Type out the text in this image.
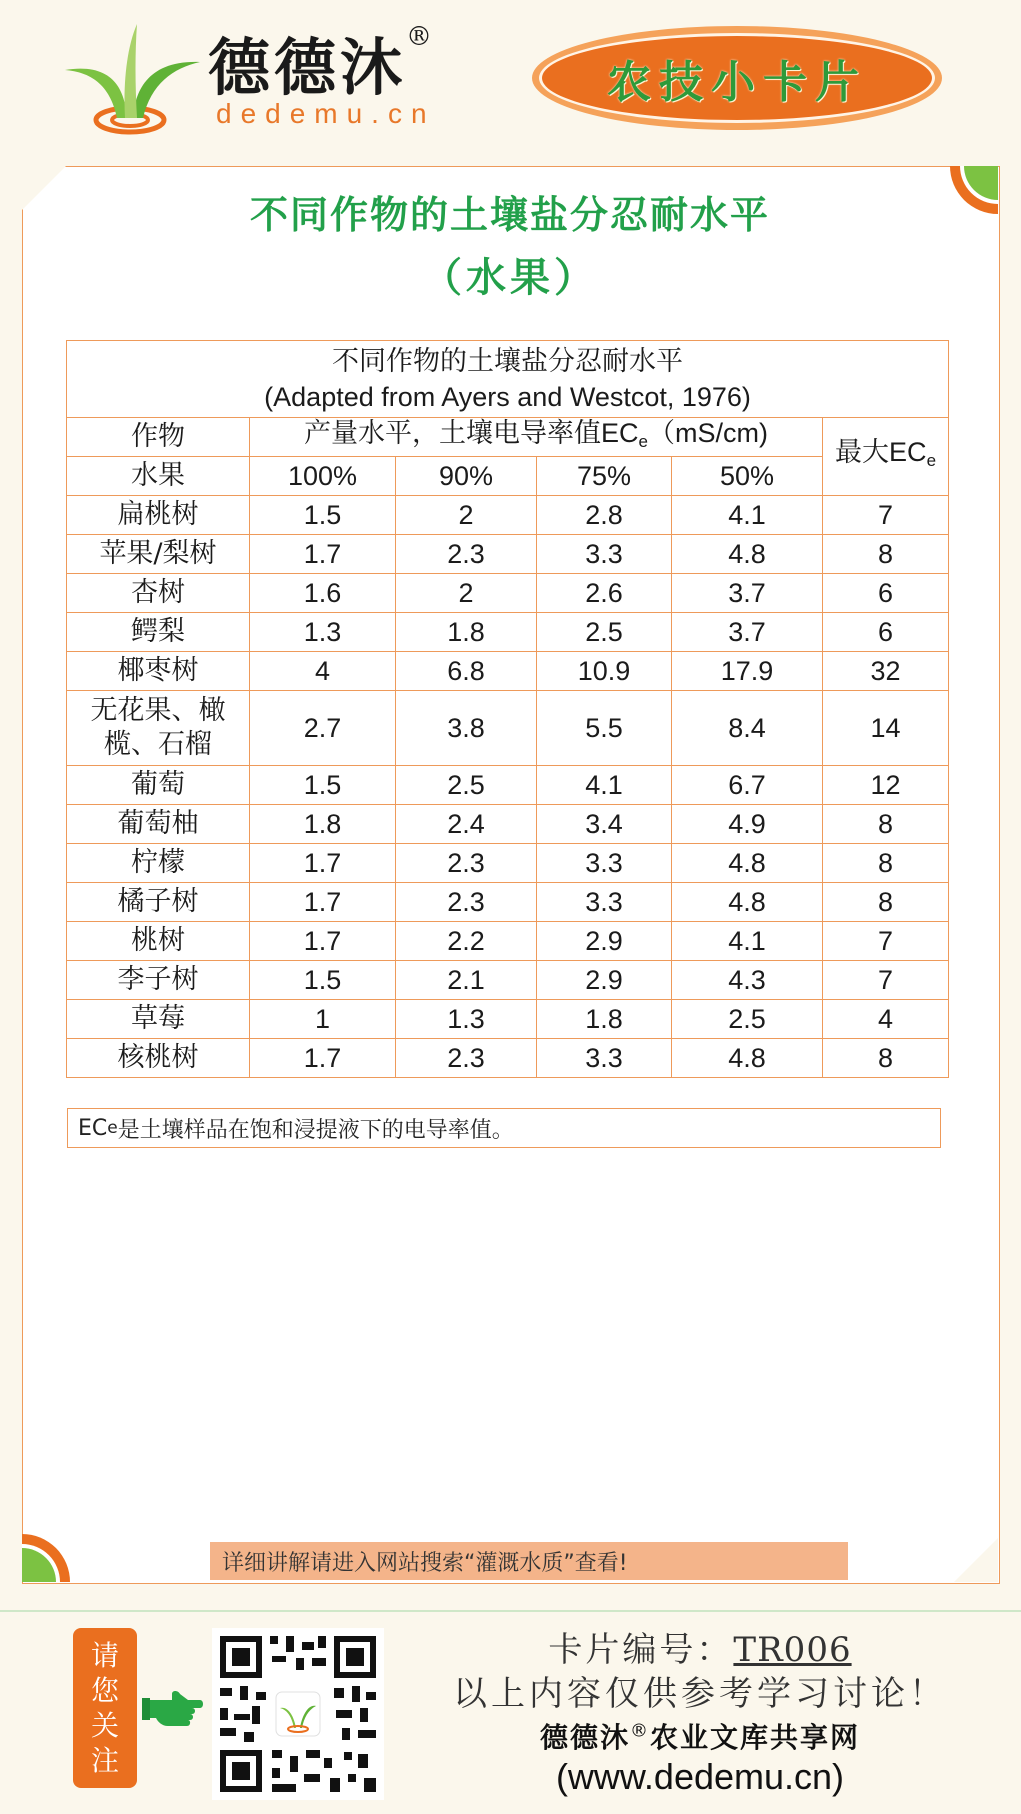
德德沐®
dedemu.cn
农技小卡片
不同作物的土壤盐分忍耐水平
（水果）
不同作物的土壤盐分忍耐水平
(Adapted from Ayers and Westcot, 1976)					

作物	产量水平，土壤电导率值$EC_e(mS/cm)$				最大$EC_e$
水果	100%	90%	75%	50%	
扁桃树	1.5	2	2.8	4.1	7
苹果/梨树	1.7	2.3	3.3	4.8	8
杏树	1.6	2	2.6	3.7	6
鳄梨	1.3	1.8	2.5	3.7	6
椰枣树	4	6.8	10.9	17.9	32

无花果、橄
榄、石榴	2.7	3.8	5.5	8.4	14
葡萄	1.5	2.5	4.1	6.7	12
葡萄柚	1.8	2.4	3.4	4.9	8
柠檬	1.7	2.3	3.3	4.8	8
橘子树	1.7	2.3	3.3	4.8	8
桃树	1.7	2.2	2.9	4.1	7
李子树	1.5	2.1	2.9	4.3	7
草莓	1	1.3	1.8	2.5	4
核桃树	1.7	2.3	3.3	4.8	8
EC e 是土壤样品在饱和浸提液下的电导率值。
详细讲解请进入网站搜索“灌溉水质”查看!
请
您
关
注
卡片编号：TR006
以上内容仅供参考学习讨论！
德德沐®农业文库共享网
(www.dedemu.cn)
